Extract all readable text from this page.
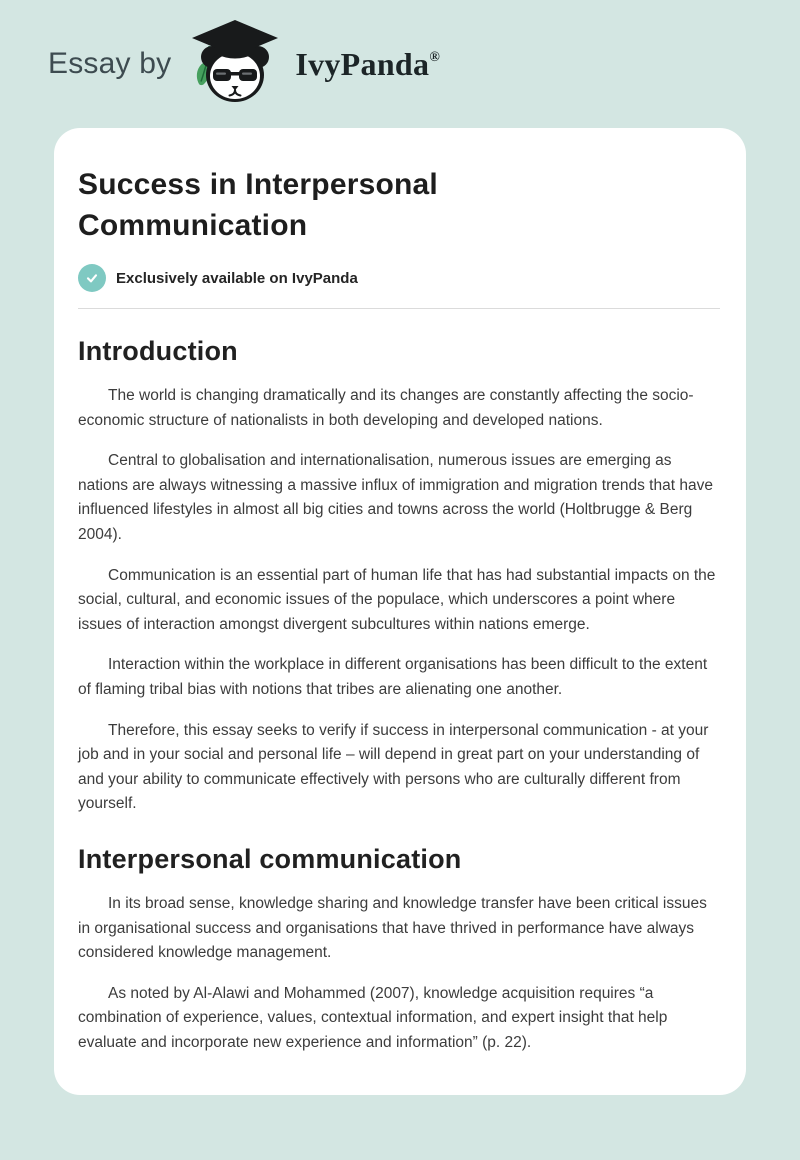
Essay by	IvyPanda®
Success in Interpersonal Communication
Exclusively available on IvyPanda
Introduction

The world is changing dramatically and its changes are constantly affecting the socio-economic structure of nationalists in both developing and developed nations.

Central to globalisation and internationalisation, numerous issues are emerging as nations are always witnessing a massive influx of immigration and migration trends that have influenced lifestyles in almost all big cities and towns across the world (Holtbrugge & Berg 2004).

Communication is an essential part of human life that has had substantial impacts on the social, cultural, and economic issues of the populace, which underscores a point where issues of interaction amongst divergent subcultures within nations emerge.

Interaction within the workplace in different organisations has been difficult to the extent of flaming tribal bias with notions that tribes are alienating one another.

Therefore, this essay seeks to verify if success in interpersonal communication - at your job and in your social and personal life – will depend in great part on your understanding of and your ability to communicate effectively with persons who are culturally different from yourself.

Interpersonal communication

In its broad sense, knowledge sharing and knowledge transfer have been critical issues in organisational success and organisations that have thrived in performance have always considered knowledge management.

As noted by Al-Alawi and Mohammed (2007), knowledge acquisition requires “a combination of experience, values, contextual information, and expert insight that help evaluate and incorporate new experience and information” (p. 22).
